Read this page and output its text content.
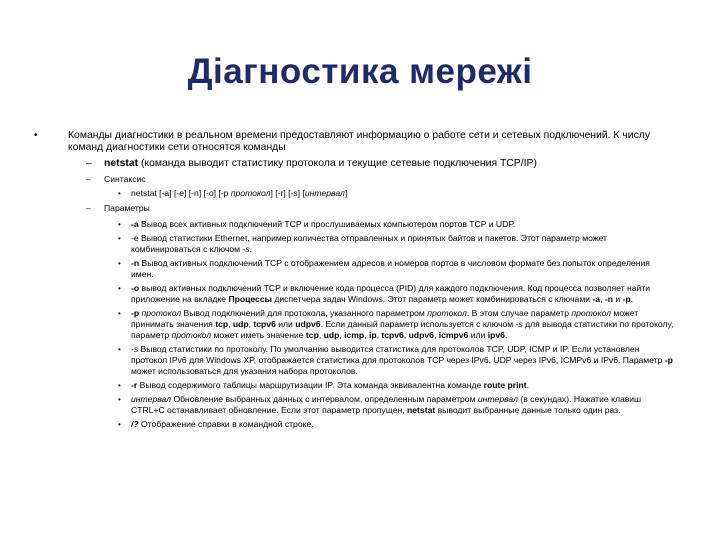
Діагностика мережі
•	Команды диагностики в реальном времени предоставляют информацию о работе сети и сетевых подключений. К числу команд диагностики сети относятся команды
– netstat (команда выводит статистику протокола и текущие сетевые подключения TCP/IP)
– Синтаксис
• netstat [-a] [-e] [-n] [-o] [-p протокол] [-r] [-s] [интервал]
– Параметры
• -a Вывод всех активных подключений TCP и прослушиваемых компьютером портов TCP и UDP.
• -e Вывод статистики Ethernet, например количества отправленных и принятых байтов и пакетов. Этот параметр может комбинироваться с ключом -s.
• -n Вывод активных подключений TCP с отображением адресов и номеров портов в числовом формате без попыток определения имен.
• -o вывод активных подключений TCP и включение кода процесса (PID) для каждого подключения. Код процесса позволяет найти приложение на вкладке Процессы диспетчера задач Windows. Этот параметр может комбинироваться с ключами -a, -n и -p.
• -p протокол Вывод подключений для протокола, указанного параметром протокол. В этом случае параметр протокол может принимать значения tcp, udp, tcpv6 или udpv6. Если данный параметр используется с ключом -s для вывода статистики по протоколу, параметр протокол может иметь значение tcp, udp, icmp, ip, tcpv6, udpv6, icmpv6 или ipv6.
• -s Вывод статистики по протоколу. По умолчанию выводится статистика для протоколов TCP, UDP, ICMP и IP. Если установлен протокол IPv6 для Windows XP, отображается статистика для протоколов TCP через IPv6, UDP через IPv6, ICMPv6 и IPv6. Параметр -p может использоваться для указания набора протоколов.
• -r Вывод содержимого таблицы маршрутизации IP. Эта команда эквивалентна команде route print.
• интервал Обновление выбранных данных с интервалом, определенным параметром интервал (в секундах). Нажатие клавиш CTRL+C останавливает обновление. Если этот параметр пропущен, netstat выводит выбранные данные только один раз.
• /? Отображение справки в командной строке.
